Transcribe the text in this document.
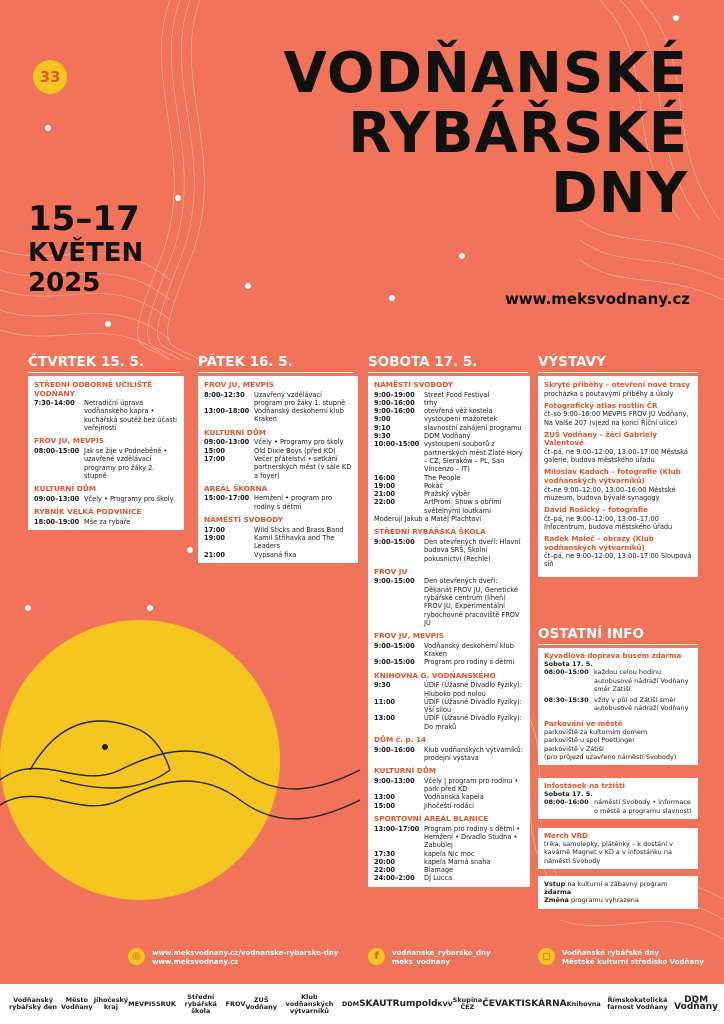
33	VODŇANSKÉ
RYBÁŘSKÉ
DNY
15–17
KVĚTEN
2025
www.meksvodnany.cz
ČTVRTEK 15. 5.	PÁTEK 16. 5.	SOBOTA 17. 5.	VÝSTAVY
STŘEDNÍ ODBORNÉ UČILIŠTĚ VODŇANY
7:30–14:00	Netradiční úprava vodňanského kapra • kuchařská soutěž bez účasti veřejnosti
FROV JU, MEVPIS
08:00–15:00 Jak se žije v Podneběně • uzavřené vzdělávací programy pro žáky 2. stupně
KULTURNÍ DŮM
09:00–13:00 Včely • Programy pro školy
RYBNÍK VELKÁ PODVINICE
18:00–19:00 Mše za rybáře
FROV JU, MEVPIS
8:00–12:30	Uzavřený vzdělávací program pro žáky 1. stupně
13:00–18:00 Vodňanský deskoherní klub Kraken
KULTURNÍ DŮM
09:00–13:00 Včely • Programy pro školy
15:00	Old Dixie Boys (před KD)
17:00	Večer přátelství • setkání partnerských měst (v sále KD a foyer)
AREÁL ŠKORNA
15:00–17:00 Hemžení • program pro rodiny s dětmi
NÁMĚSTÍ SVOBODY
17:00	Wild Sticks and Brass Band
19:00	Kamil Střihavka and The Leaders
21:00	Vypsaná fixa
NÁMĚSTÍ SVOBODY
9:00–19:00	Street Food Festival
9:00–16:00	trhy
9:00–16:00	otevřená věž kostela
9:00	vystoupení mažoretek
9:10	slavnostní zahájení programu
9:30	DDM Vodňany
10:00–15:00 vystoupení souborů z partnerských měst Zlaté Hory – CZ, Sieraków – PL, San Vincenzo – IT)
16:00	The People
19:00	Pokáč
21:00	Pražský výběr
22:00	ArtProm: Show s obřími světelnými loutkami
Moderují Jakub a Matěj Plachtovi
STŘEDNÍ RYBÁŘSKÁ ŠKOLA
9:00–15:00	Den otevřených dveří: Hlavní budova SRŠ, Školní pokusnictví (Rechle)
FROV JU
9:00–15:00	Den otevřených dveří: Děkanát FROV JU, Genetické rybářské centrum (líheň) FROV JU, Experimentální rybochovné pracoviště FROV JU
FROV JU, MEVPIS
9:00–15:00	Vodňanský deskoherní klub Kraken
9:00–15:00	Program pro rodiny s dětmi
KNIHOVNA G. VODŇANSKÉHO
9:30	ÚDiF (Úžasné Divadlo Fyziky): Hluboko pod nulou
11:00	ÚDiF (Úžasné Divadlo Fyziky): Vší silou
13:00	ÚDiF (Úžasné Divadlo Fyziky): Do mraků
DŮM č. p. 14
9:00–16:00	Klub vodňanských výtvarníků: prodejní výstava
KULTURNÍ DŮM
9:00–13:00	Včely | program pro rodinu • park před KD
13:00	Vodňanská kapela
15:00	Jihočeští rodáci
SPORTOVNÍ AREÁL BLANICE
13:00–17:00 Program pro rodiny s dětmi • Hemžení • Divadlo Studna • Zabublej
17:30	kapela Nic moc
20:00	kapela Marná snaha
22:00	Blamage
24:00–2:00	DJ Lucca
Skryté příběhy – otevření nové trasy
procházka s poutavými příběhy a úkoly
Fotografický atlas rostlin ČR
čt–so 9:00–16:00 MEVPIS FROV JU Vodňany, Na Valše 207 (vjezd na konci Říční ulice)
ZUŠ Vodňany – žáci Gabriely Valentové
čt–pá, ne 9:00–12:00, 13:00–17:00 Městská galerie, budova městského úřadu
Miloslav Kadoch – fotografie (Klub vodňanských výtvarníků)
čt–ne 9:00–12:00, 13:00–16:00 Městské muzeum, budova bývalé synagogy
David Rošický – fotografie
čt–pá, ne 9:00–12:00, 13:00–17:00 Infocentrum, budova městského úřadu
Radek Maleč – obrazy (Klub vodňanských výtvarníků)
čt–pá, ne 9:00–12:00, 13:00–17:00 Sloupová síň
OSTATNÍ INFO
Kyvadlová doprava busem zdarma
Sobota 17. 5.
08:00–15:00 každou celou hodinu autobusové nádraží Vodňany směr Zátiší
08:30–15:30 vždy v půl od Zátiší směr autobusové nádraží Vodňany
Parkování ve městě
parkoviště za kulturním domem
parkoviště u spol Poettinger
parkoviště v Zátiší
(pro průjezd uzavřeno náměstí Svobody)
Infostánek na tržišti
Sobota 17. 5.
08:00–16:00 náměstí Svobody • informace o městě a programu slavností
Merch VRD
trika, samolepky, plátěnky – k dostání v kavárně Magnet v KD a v infostánku na náměstí Svobody
Vstup na kulturní a zábavný program zdarma
Změna programu vyhrazena
◎	www.meksvodnany.cz/vodnanske-rybarske-dny
www.meksvodnany.cz	f	vodnanske_rybarske_dny
meks_vodnany	◻	Vodňanské rybářské dny
Městské kulturní středisko Vodňany
Vodňanský rybářský den
Město Vodňany
Jihočeský kraj	MEVPIS SRUK
Střední rybářská škola
FROV	ZUŠ Vodňany
Klub vodňanských výtvarníků
DDM SKAUT Rumpold KVV Skupina ČEZ ČEVAK TISKÁRNA Knihovna	Římskokatolická farnost Vodňany
DDM Vodňany
